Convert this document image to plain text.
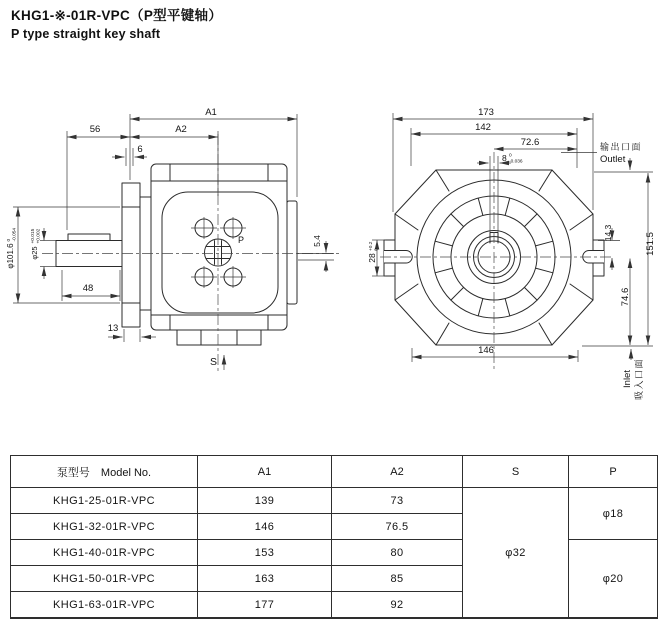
KHG1-※-01R-VPC（P型平键轴）
P type straight key shaft
A1
56	A2
6
φ101.6
0 -0.054
φ25
+0.015 +0.002
48
13
5.4
P
S
173
142
72.6
8 0
-0.036
输出口面
Outlet
151.5
14.3
74.6
146
28
+0.2 0
吸入口面
Inlet
泵型号　Model No.	A1	A2	S	P
KHG1-25-01R-VPC	139	73	φ32	φ18
KHG1-32-01R-VPC	146	76.5		
KHG1-40-01R-VPC	153	80		φ20
KHG1-50-01R-VPC	163	85		
KHG1-63-01R-VPC	177	92		
